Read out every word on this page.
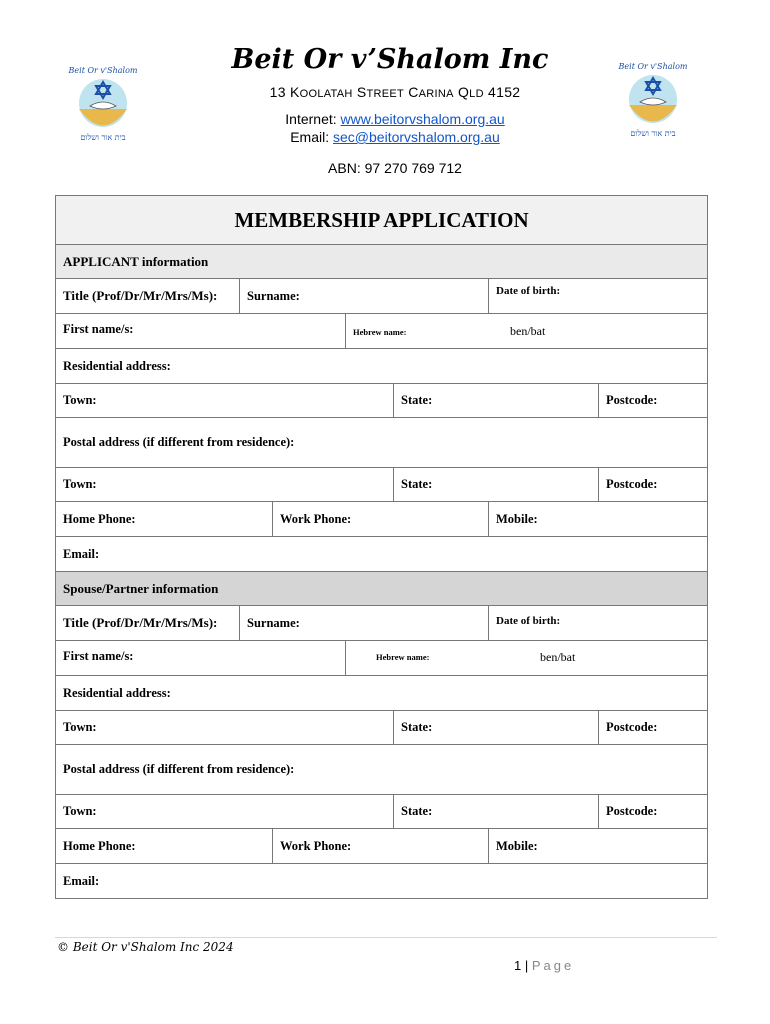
Beit Or v'Shalom
בית אור ושלום
Beit Or v'Shalom
בית אור ושלום
Beit Or v’Shalom Inc
13 KOOLATAH STREET CARINA QLD 4152
Internet: www.beitorvshalom.org.au
Email: sec@beitorvshalom.org.au
ABN: 97 270 769 712
MEMBERSHIP APPLICATION						
APPLICANT information						
Title (Prof/Dr/Mr/Mrs/Ms):	Surname:				Date of birth:	
First name/s:			Hebrew name: ben/bat			

Residential address:						
Town:				State:		Postcode:
Postal address (if different from residence):						
Town:				State:		Postcode:
Home Phone:		Work Phone:			Mobile:	
Email:						
Spouse/Partner information						
Title (Prof/Dr/Mr/Mrs/Ms):	Surname:				Date of birth:	
First name/s:			Hebrew name: ben/bat			

Residential address:						
Town:				State:		Postcode:
Postal address (if different from residence):						
Town:				State:		Postcode:
Home Phone:		Work Phone:			Mobile:	
Email:						
© Beit Or v'Shalom Inc 2024
1 | Page
